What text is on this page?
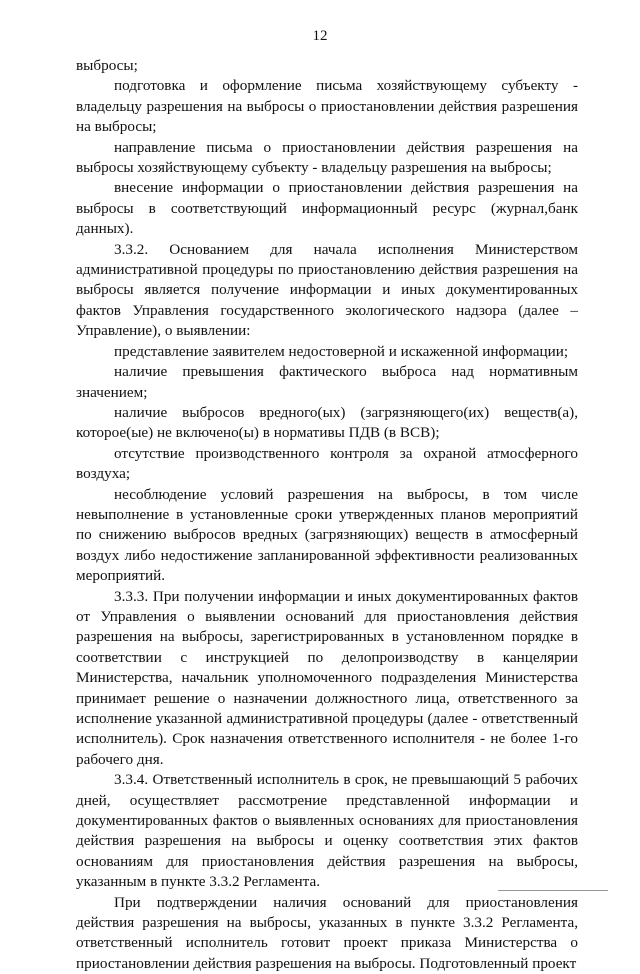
12

выбросы;

подготовка и оформление письма хозяйствующему субъекту - владельцу разрешения на выбросы о приостановлении действия разрешения на выбросы;

направление письма о приостановлении действия разрешения на выбросы хозяйствующему субъекту - владельцу разрешения на выбросы;

внесение информации о приостановлении действия разрешения на выбросы в соответствующий информационный ресурс (журнал,банк данных).

3.3.2. Основанием для начала исполнения Министерством административной процедуры по приостановлению действия разрешения на выбросы является получение информации и иных документированных фактов Управления государственного экологического надзора (далее – Управление), о выявлении:

представление заявителем недостоверной и искаженной информации;

наличие превышения фактического выброса над нормативным значением;

наличие выбросов вредного(ых) (загрязняющего(их) веществ(а), которое(ые) не включено(ы) в нормативы ПДВ (в ВСВ);

отсутствие производственного контроля за охраной атмосферного воздуха;

несоблюдение условий разрешения на выбросы, в том числе невыполнение в установленные сроки утвержденных планов мероприятий по снижению выбросов вредных (загрязняющих) веществ в атмосферный воздух либо недостижение запланированной эффективности реализованных мероприятий.

3.3.3. При получении информации и иных документированных фактов от Управления о выявлении оснований для приостановления действия разрешения на выбросы, зарегистрированных в установленном порядке в соответствии с инструкцией по делопроизводству в канцелярии Министерства, начальник уполномоченного подразделения Министерства принимает решение о назначении должностного лица, ответственного за исполнение указанной административной процедуры (далее - ответственный исполнитель). Срок назначения ответственного исполнителя - не более 1-го рабочего дня.

3.3.4. Ответственный исполнитель в срок, не превышающий 5 рабочих дней, осуществляет рассмотрение представленной информации и документированных фактов о выявленных основаниях для приостановления действия разрешения на выбросы и оценку соответствия этих фактов основаниям для приостановления действия разрешения на выбросы, указанным в пункте 3.3.2 Регламента.

При подтверждении наличия оснований для приостановления действия разрешения на выбросы, указанных в пункте 3.3.2 Регламента, ответственный исполнитель готовит проект приказа Министерства о приостановлении действия разрешения на выбросы. Подготовленный проект
